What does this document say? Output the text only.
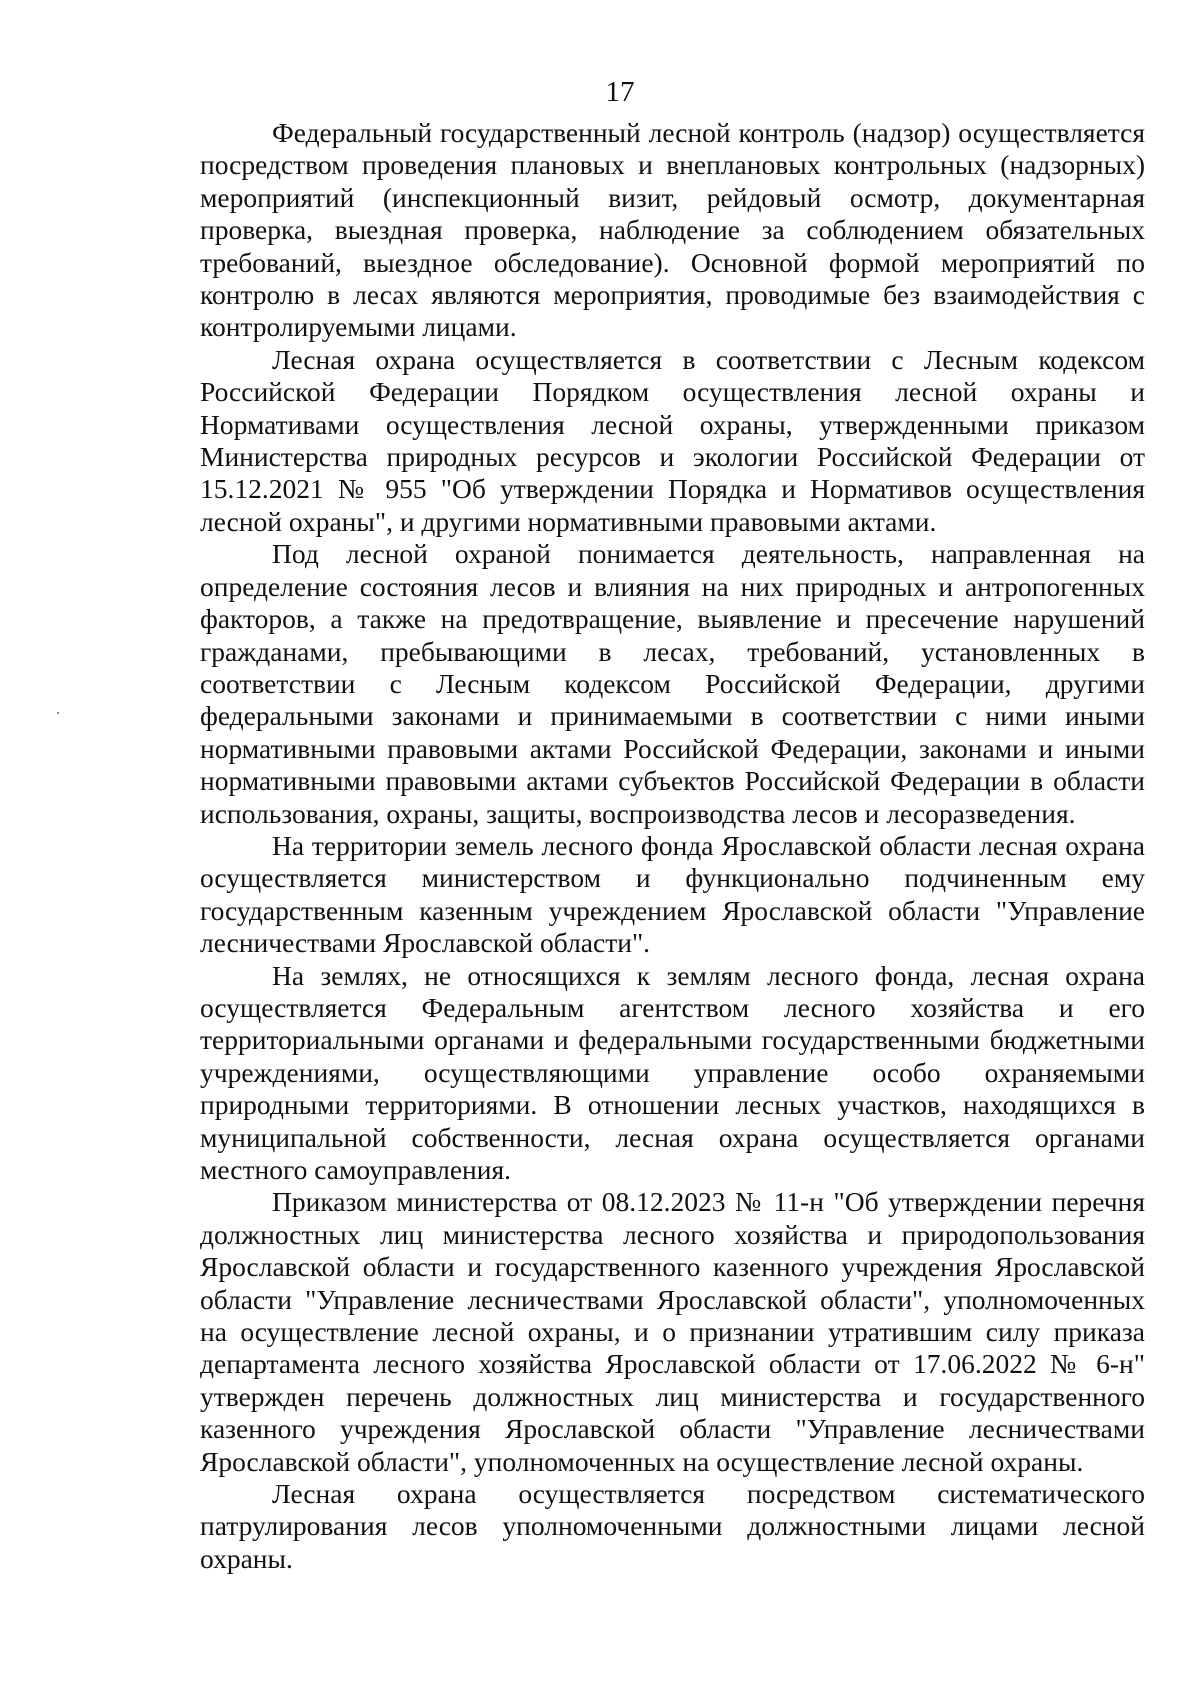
17

Федеральный государственный лесной контроль (надзор) осуществляется посредством проведения плановых и внеплановых контрольных (надзорных) мероприятий (инспекционный визит, рейдовый осмотр, документарная проверка, выездная проверка, наблюдение за соблюдением обязательных требований, выездное обследование). Основной формой мероприятий по контролю в лесах являются мероприятия, проводимые без взаимодействия с контролируемыми лицами.

Лесная охрана осуществляется в соответствии с Лесным кодексом Российской Федерации Порядком осуществления лесной охраны и Нормативами осуществления лесной охраны, утвержденными приказом Министерства природных ресурсов и экологии Российской Федерации от 15.12.2021 № 955 "Об утверждении Порядка и Нормативов осуществления лесной охраны", и другими нормативными правовыми актами.

Под лесной охраной понимается деятельность, направленная на определение состояния лесов и влияния на них природных и антропогенных факторов, а также на предотвращение, выявление и пресечение нарушений гражданами, пребывающими в лесах, требований, установленных в соответствии с Лесным кодексом Российской Федерации, другими федеральными законами и принимаемыми в соответствии с ними иными нормативными правовыми актами Российской Федерации, законами и иными нормативными правовыми актами субъектов Российской Федерации в области использования, охраны, защиты, воспроизводства лесов и лесоразведения.

На территории земель лесного фонда Ярославской области лесная охрана осуществляется министерством и функционально подчиненным ему государственным казенным учреждением Ярославской области "Управление лесничествами Ярославской области".

На землях, не относящихся к землям лесного фонда, лесная охрана осуществляется Федеральным агентством лесного хозяйства и его территориальными органами и федеральными государственными бюджетными учреждениями, осуществляющими управление особо охраняемыми природными территориями. В отношении лесных участков, находящихся в муниципальной собственности, лесная охрана осуществляется органами местного самоуправления.

Приказом министерства от 08.12.2023 № 11-н "Об утверждении перечня должностных лиц министерства лесного хозяйства и природопользования Ярославской области и государственного казенного учреждения Ярославской области "Управление лесничествами Ярославской области", уполномоченных на осуществление лесной охраны, и о признании утратившим силу приказа департамента лесного хозяйства Ярославской области от 17.06.2022 № 6-н" утвержден перечень должностных лиц министерства и государственного казенного учреждения Ярославской области "Управление лесничествами Ярославской области", уполномоченных на осуществление лесной охраны.

Лесная охрана осуществляется посредством систематического патрулирования лесов уполномоченными должностными лицами лесной охраны.
